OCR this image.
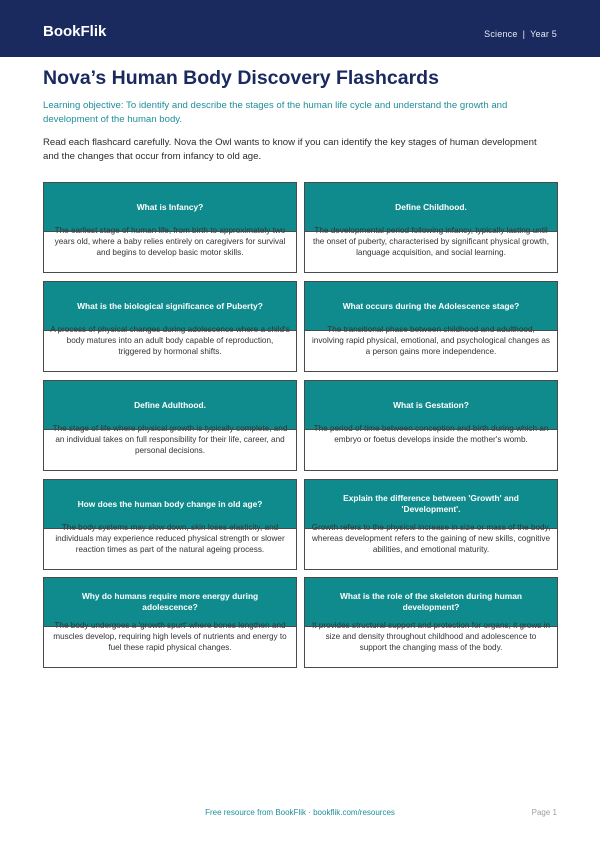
BookFlik	Science | Year 5
Nova’s Human Body Discovery Flashcards

Learning objective: To identify and describe the stages of the human life cycle and understand the growth and development of the human body.

Read each flashcard carefully. Nova the Owl wants to know if you can identify the key stages of human development and the changes that occur from infancy to old age.

What is Infancy?
years old, where a baby relies entirely on caregivers for survival and begins to develop basic motor skills.
Define Childhood.
the onset of puberty, characterised by significant physical growth, language acquisition, and social learning.
What is the biological significance of Puberty?
body matures into an adult body capable of reproduction, triggered by hormonal shifts.
What occurs during the Adolescence stage?
involving rapid physical, emotional, and psychological changes as a person gains more independence.
Define Adulthood.
an individual takes on full responsibility for their life, career, and personal decisions.
What is Gestation?
embryo or foetus develops inside the mother's womb.
How does the human body change in old age?
individuals may experience reduced physical strength or slower reaction times as part of the natural ageing process.
Explain the difference between 'Growth' and 'Development'.
whereas development refers to the gaining of new skills, cognitive abilities, and emotional maturity.
Why do humans require more energy during adolescence?
muscles develop, requiring high levels of nutrients and energy to fuel these rapid physical changes.
What is the role of the skeleton during human development?
size and density throughout childhood and adolescence to support the changing mass of the body.
Free resource from BookFlik · bookflik.com/resources	Page 1
